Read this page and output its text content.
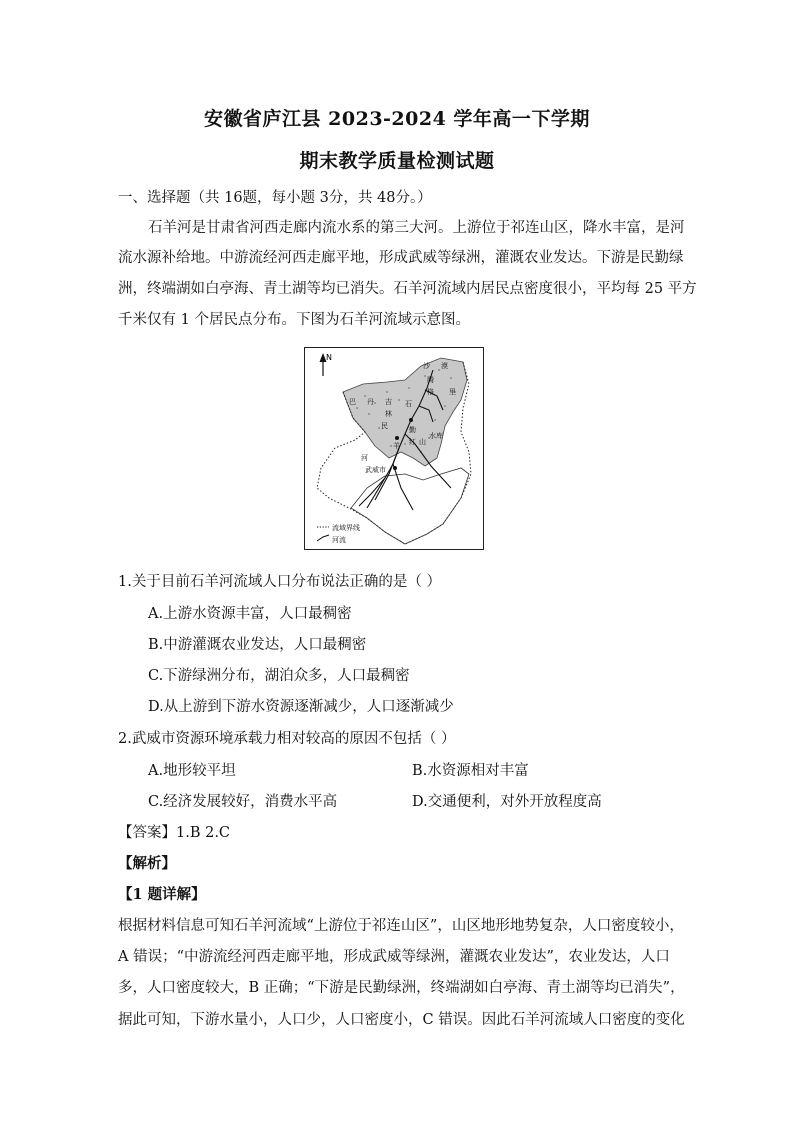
安徽省庐江县 2023-2024 学年高一下学期
期末教学质量检测试题
一、选择题（共 16题，每小题 3分，共 48分。）
石羊河是甘肃省河西走廊内流水系的第三大河。上游位于祁连山区，降水丰富，是河
流水源补给地。中游流经河西走廊平地，形成武威等绿洲，灌溉农业发达。下游是民勤绿
洲，终端湖如白亭海、青土湖等均已消失。石羊河流域内居民点密度很小，平均每 25 平方
千米仅有 1 个居民点分布。下图为石羊河流域示意图。
N
巴 丹 吉
林
沙 漠
腾
格 里
民	勤
石
羊 红 山
水库
河
武威市
流域界线
河流
1.关于目前石羊河流域人口分布说法正确的是（ ）
A.上游水资源丰富，人口最稠密
B.中游灌溉农业发达，人口最稠密
C.下游绿洲分布，湖泊众多，人口最稠密
D.从上游到下游水资源逐渐减少，人口逐渐减少
2.武威市资源环境承载力相对较高的原因不包括（ ）
A.地形较平坦	B.水资源相对丰富
C.经济发展较好，消费水平高	D.交通便利，对外开放程度高
【答案】1.B 2.C
【解析】
【1 题详解】
根据材料信息可知石羊河流域“上游位于祁连山区”，山区地形地势复杂，人口密度较小，
A 错误；“中游流经河西走廊平地，形成武威等绿洲，灌溉农业发达”，农业发达，人口
多，人口密度较大，B 正确；“下游是民勤绿洲，终端湖如白亭海、青土湖等均已消失”，
据此可知，下游水量小，人口少，人口密度小，C 错误。因此石羊河流域人口密度的变化
